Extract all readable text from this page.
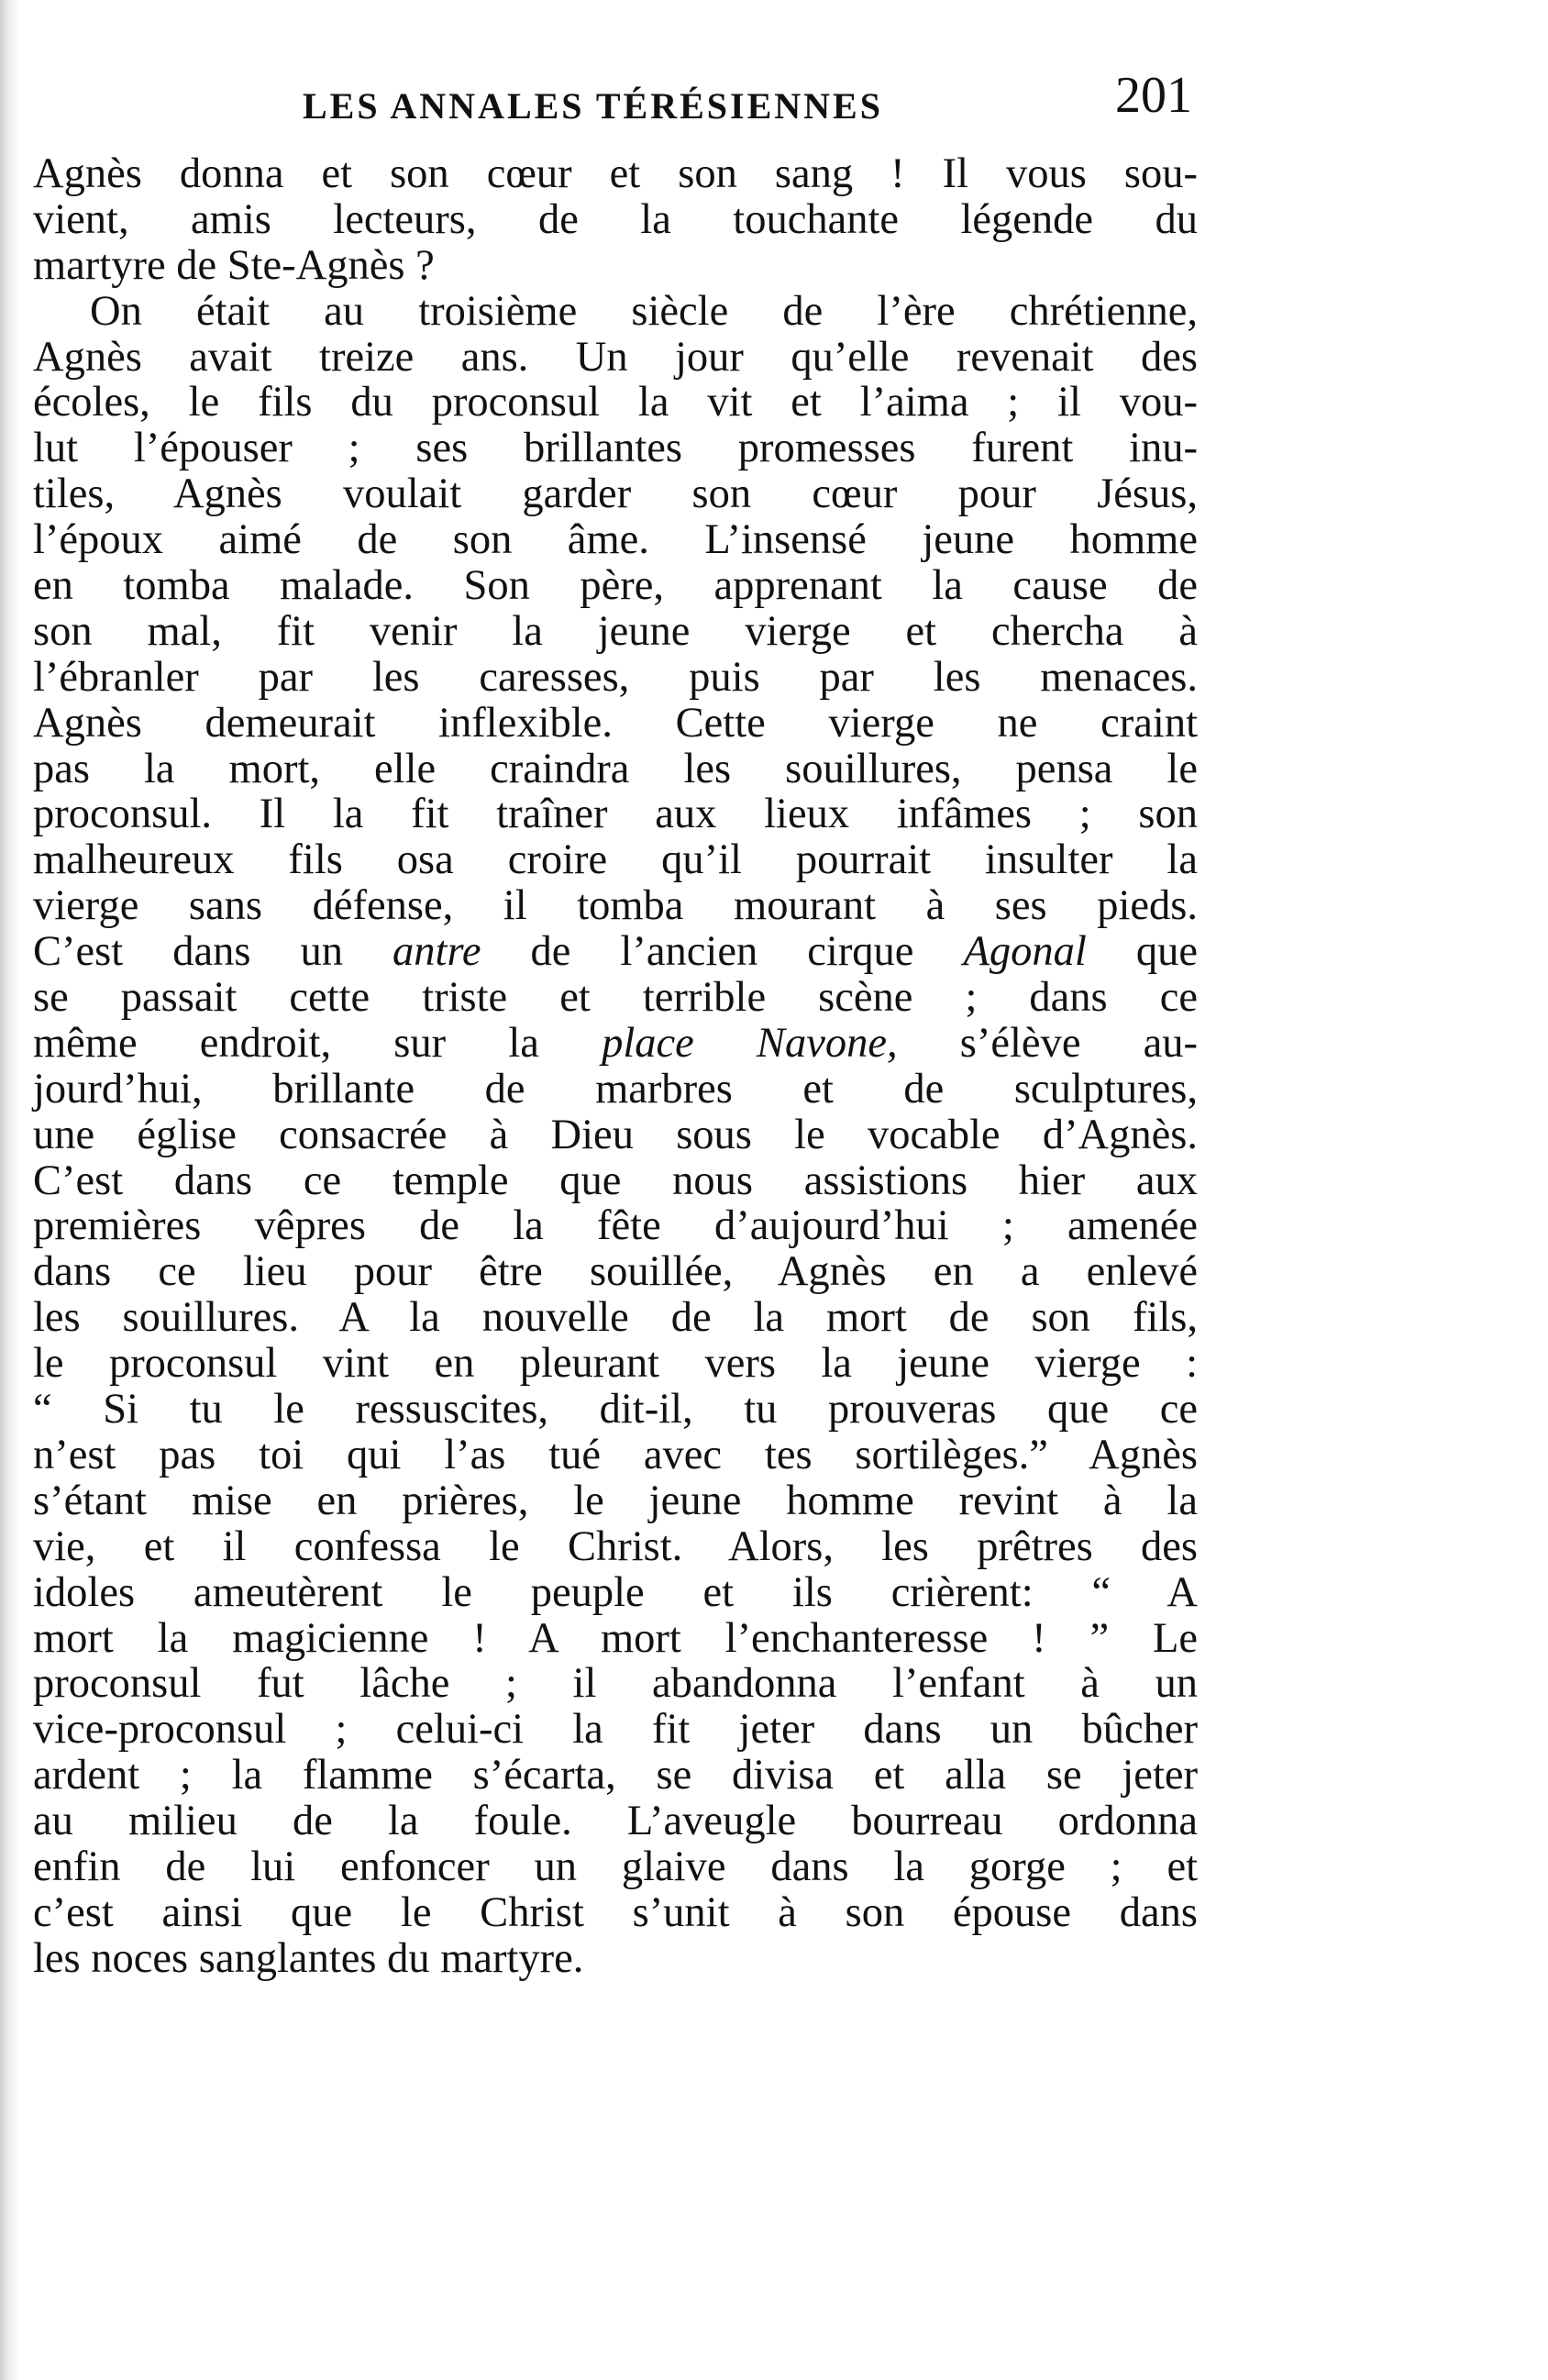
LES ANNALES TÉRÉSIENNES	201
Agnès donna et son cœur et son sang ! Il vous sou-
vient, amis lecteurs, de la touchante légende du
martyre de Ste-Agnès ?
On était au troisième siècle de l’ère chrétienne,
Agnès avait treize ans. Un jour qu’elle revenait des
écoles, le fils du proconsul la vit et l’aima ; il vou-
lut l’épouser ; ses brillantes promesses furent inu-
tiles, Agnès voulait garder son cœur pour Jésus,
l’époux aimé de son âme. L’insensé jeune homme
en tomba malade. Son père, apprenant la cause de
son mal, fit venir la jeune vierge et chercha à
l’ébranler par les caresses, puis par les menaces.
Agnès demeurait inflexible. Cette vierge ne craint
pas la mort, elle craindra les souillures, pensa le
proconsul. Il la fit traîner aux lieux infâmes ; son
malheureux fils osa croire qu’il pourrait insulter la
vierge sans défense, il tomba mourant à ses pieds.
C’est dans un antre de l’ancien cirque Agonal que
se passait cette triste et terrible scène ; dans ce
même endroit, sur la place Navone, s’élève au-
jourd’hui, brillante de marbres et de sculptures,
une église consacrée à Dieu sous le vocable d’Agnès.
C’est dans ce temple que nous assistions hier aux
premières vêpres de la fête d’aujourd’hui ; amenée
dans ce lieu pour être souillée, Agnès en a enlevé
les souillures. A la nouvelle de la mort de son fils,
le proconsul vint en pleurant vers la jeune vierge :
“ Si tu le ressuscites, dit-il, tu prouveras que ce
n’est pas toi qui l’as tué avec tes sortilèges.” Agnès
s’étant mise en prières, le jeune homme revint à la
vie, et il confessa le Christ. Alors, les prêtres des
idoles ameutèrent le peuple et ils crièrent: “ A
mort la magicienne ! A mort l’enchanteresse ! ” Le
proconsul fut lâche ; il abandonna l’enfant à un
vice-proconsul ; celui-ci la fit jeter dans un bûcher
ardent ; la flamme s’écarta, se divisa et alla se jeter
au milieu de la foule. L’aveugle bourreau ordonna
enfin de lui enfoncer un glaive dans la gorge ; et
c’est ainsi que le Christ s’unit à son épouse dans
les noces sanglantes du martyre.
